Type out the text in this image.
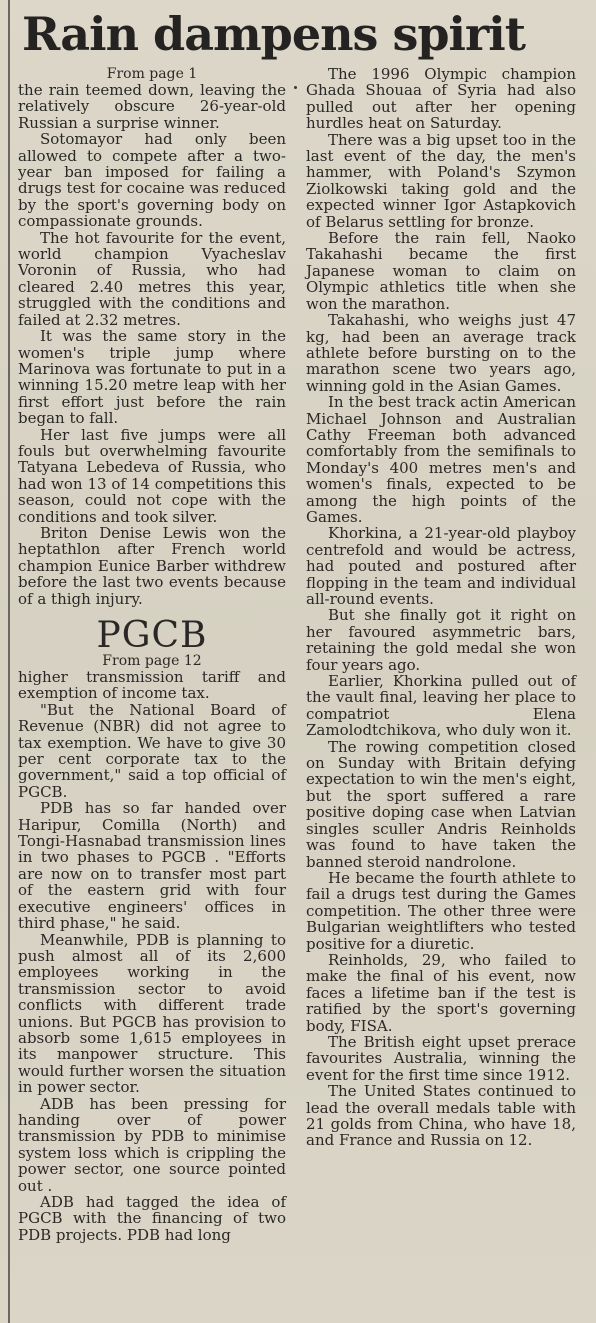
Rain dampens spirit
From page 1

the rain teemed down, leaving the relatively obscure 26-year-old Russian a surprise winner.

Sotomayor had only been allowed to compete after a two-year ban imposed for failing a drugs test for cocaine was reduced by the sport's governing body on compassionate grounds.

The hot favourite for the event, world champion Vyacheslav Voronin of Russia, who had cleared 2.40 metres this year, struggled with the conditions and failed at 2.32 metres.

It was the same story in the women's triple jump where Marinova was fortunate to put in a winning 15.20 metre leap with her first effort just before the rain began to fall.

Her last five jumps were all fouls but overwhelming favourite Tatyana Lebedeva of Russia, who had won 13 of 14 competitions this season, could not cope with the conditions and took silver.

Briton Denise Lewis won the heptathlon after French world champion Eunice Barber withdrew before the last two events because of a thigh injury.

PGCB
From page 12

higher transmission tariff and exemption of income tax.

"But the National Board of Revenue (NBR) did not agree to tax exemption. We have to give 30 per cent corporate tax to the government," said a top official of PGCB.

PDB has so far handed over Haripur, Comilla (North) and Tongi-Hasnabad transmission lines in two phases to PGCB . "Efforts are now on to transfer most part of the eastern grid with four executive engineers' offices in third phase," he said.

Meanwhile, PDB is planning to push almost all of its 2,600 employees working in the transmission sector to avoid conflicts with different trade unions. But PGCB has provision to absorb some 1,615 employees in its manpower structure. This would further worsen the situation in power sector.

ADB has been pressing for handing over of power transmission by PDB to minimise system loss which is crippling the power sector, one source pointed out .

ADB had tagged the idea of PGCB with the financing of two PDB projects. PDB had long

The 1996 Olympic champion Ghada Shouaa of Syria had also pulled out after her opening hurdles heat on Saturday.

There was a big upset too in the last event of the day, the men's hammer, with Poland's Szymon Ziolkowski taking gold and the expected winner Igor Astapkovich of Belarus settling for bronze.

Before the rain fell, Naoko Takahashi became the first Japanese woman to claim on Olympic athletics title when she won the marathon.

Takahashi, who weighs just 47 kg, had been an average track athlete before bursting on to the marathon scene two years ago, winning gold in the Asian Games.

In the best track actin American Michael Johnson and Australian Cathy Freeman both advanced comfortably from the semifinals to Monday's 400 metres men's and women's finals, expected to be among the high points of the Games.

Khorkina, a 21-year-old playboy centrefold and would be actress, had pouted and postured after flopping in the team and individual all-round events.

But she finally got it right on her favoured asymmetric bars, retaining the gold medal she won four years ago.

Earlier, Khorkina pulled out of the vault final, leaving her place to compatriot Elena Zamolodtchikova, who duly won it.

The rowing competition closed on Sunday with Britain defying expectation to win the men's eight, but the sport suffered a rare positive doping case when Latvian singles sculler Andris Reinholds was found to have taken the banned steroid nandrolone.

He became the fourth athlete to fail a drugs test during the Games competition. The other three were Bulgarian weightlifters who tested positive for a diuretic.

Reinholds, 29, who failed to make the final of his event, now faces a lifetime ban if the test is ratified by the sport's governing body, FISA.

The British eight upset prerace favourites Australia, winning the event for the first time since 1912.

The United States continued to lead the overall medals table with 21 golds from China, who have 18, and France and Russia on 12.
